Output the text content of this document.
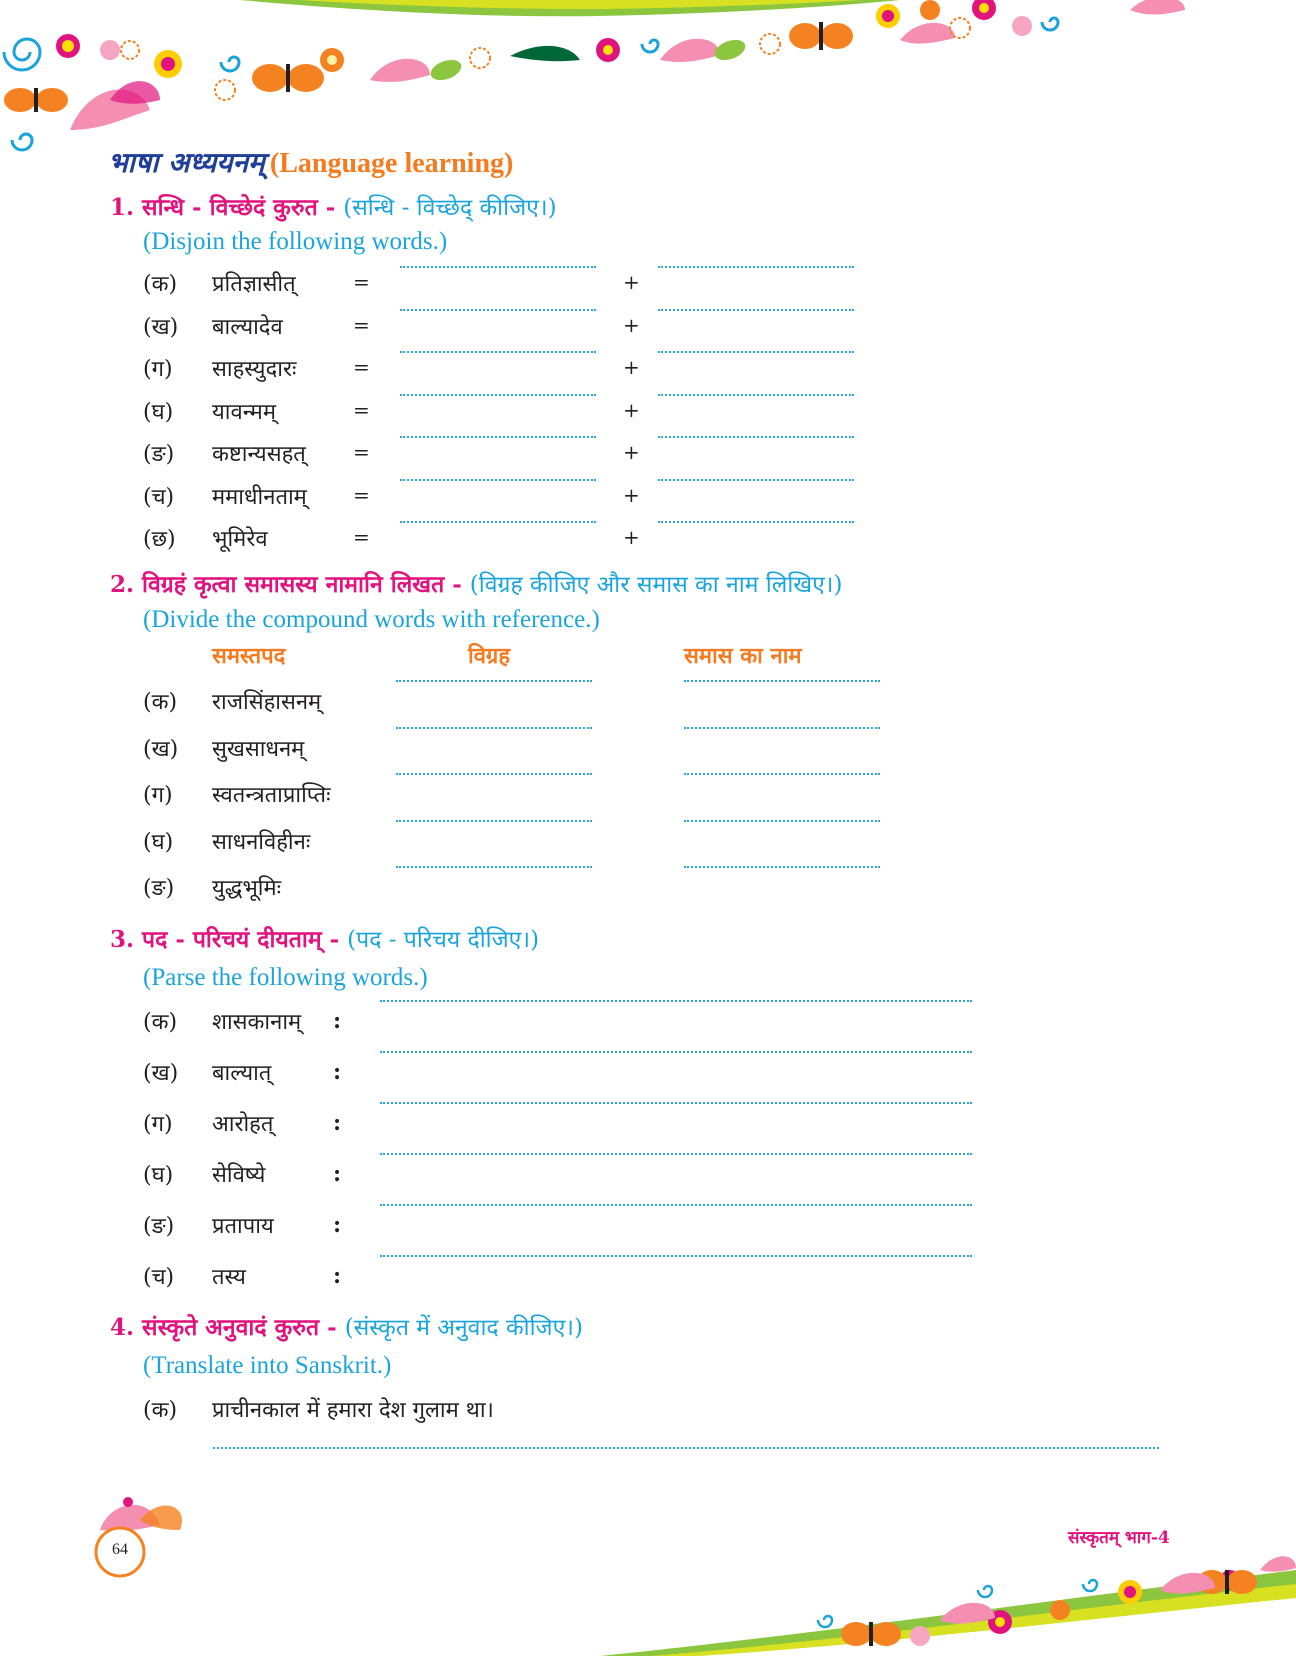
भाषा अध्ययनम् (Language learning)
1. सन्धि - विच्छेदं कुरुत - (सन्धि - विच्छेद् कीजिए।)
(Disjoin the following words.)
(क) प्रतिज्ञासीत्	=	+
(ख) बाल्यादेव	=	+
(ग) साहस्युदारः	=	+
(घ) यावन्मम्	=	+
(ङ) कष्टान्यसहत् =	+
(च) ममाधीनताम् =	+
(छ) भूमिरेव	=	+
2. विग्रहं कृत्वा समासस्य नामानि लिखत - (विग्रह कीजिए और समास का नाम लिखिए।)
(Divide the compound words with reference.)
समस्तपद	विग्रह	समास का नाम
(क) राजसिंहासनम्
(ख) सुखसाधनम्
(ग) स्वतन्त्रताप्राप्तिः
(घ) साधनविहीनः
(ङ) युद्धभूमिः
3. पद - परिचयं दीयताम् - (पद - परिचय दीजिए।)
(Parse the following words.)
(क) शासकानाम् :
(ख) बाल्यात्	:
(ग) आरोहत्	:
(घ) सेविष्ये	:
(ङ) प्रतापाय	:
(च) तस्य	:
4. संस्कृते अनुवादं कुरुत - (संस्कृत में अनुवाद कीजिए।)
(Translate into Sanskrit.)
(क) प्राचीनकाल में हमारा देश गुलाम था।
64
संस्कृतम् भाग-4
